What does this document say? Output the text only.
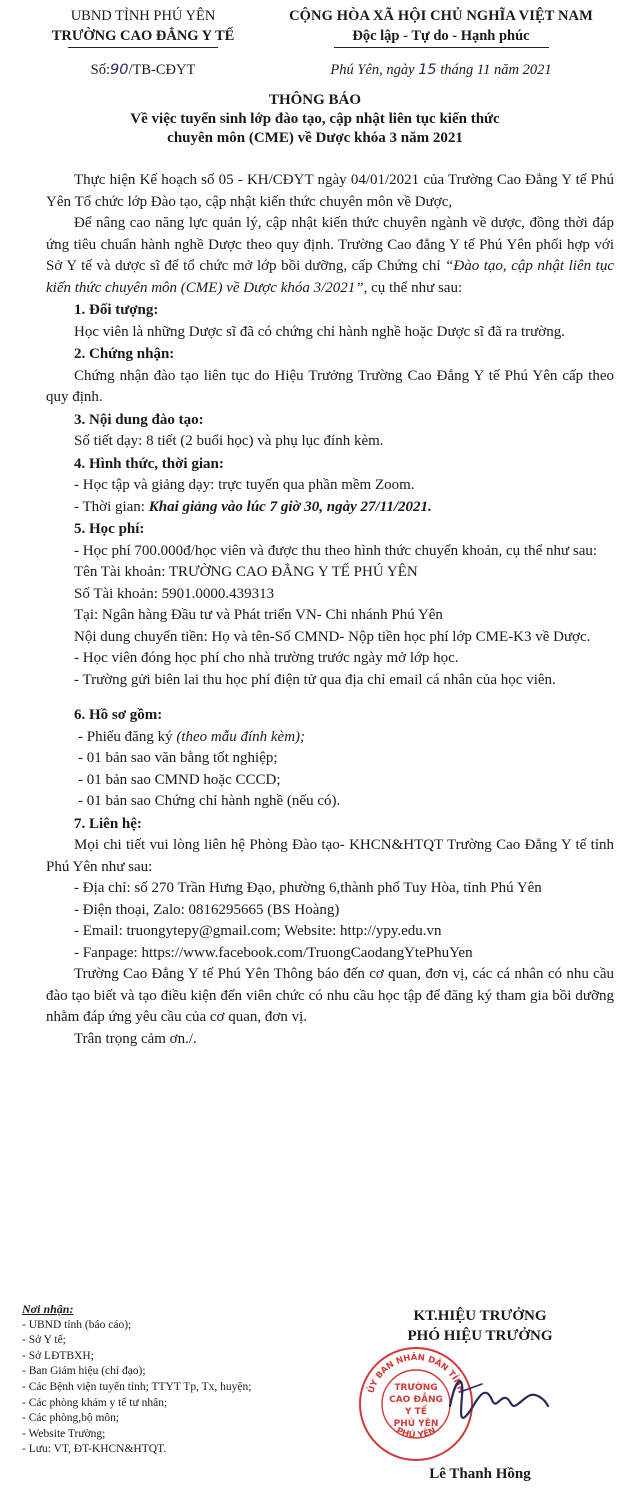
UBND TỈNH PHÚ YÊN
TRƯỜNG CAO ĐẲNG Y TẾ
Số:90/TB-CĐYT
CỘNG HÒA XÃ HỘI CHỦ NGHĨA VIỆT NAM
Độc lập - Tự do - Hạnh phúc
Phú Yên, ngày 15 tháng 11 năm 2021
THÔNG BÁO
Về việc tuyển sinh lớp đào tạo, cập nhật liên tục kiến thức
chuyên môn (CME) về Dược khóa 3 năm 2021

Thực hiện Kế hoạch số 05 - KH/CĐYT ngày 04/01/2021 của Trường Cao Đẳng Y tế Phú Yên Tổ chức lớp Đào tạo, cập nhật kiến thức chuyên môn về Dược,

Để nâng cao năng lực quản lý, cập nhật kiến thức chuyên ngành về dược, đồng thời đáp ứng tiêu chuẩn hành nghề Dược theo quy định. Trường Cao đẳng Y tế Phú Yên phối hợp với Sở Y tế và dược sĩ để tổ chức mở lớp bồi dưỡng, cấp Chứng chỉ “Đào tạo, cập nhật liên tục kiến thức chuyên môn (CME) về Dược khóa 3/2021”, cụ thể như sau:

1. Đối tượng:

Học viên là những Dược sĩ đã có chứng chỉ hành nghề hoặc Dược sĩ đã ra trường.

2. Chứng nhận:

Chứng nhận đào tạo liên tục do Hiệu Trưởng Trường Cao Đẳng Y tế Phú Yên cấp theo quy định.

3. Nội dung đào tạo:

Số tiết dạy: 8 tiết (2 buổi học) và phụ lục đính kèm.

4. Hình thức, thời gian:

- Học tập và giảng dạy: trực tuyến qua phần mềm Zoom.

- Thời gian: Khai giảng vào lúc 7 giờ 30, ngày 27/11/2021.

5. Học phí:

- Học phí 700.000đ/học viên và được thu theo hình thức chuyển khoản, cụ thể như sau:

Tên Tài khoản: TRƯỜNG CAO ĐẲNG Y TẾ PHÚ YÊN

Số Tài khoản: 5901.0000.439313

Tại: Ngân hàng Đầu tư và Phát triển VN- Chi nhánh Phú Yên

Nội dung chuyển tiền: Họ và tên-Số CMND- Nộp tiền học phí lớp CME-K3 về Dược.

- Học viên đóng học phí cho nhà trường trước ngày mở lớp học.

- Trường gửi biên lai thu học phí điện tử qua địa chỉ email cá nhân của học viên.

6. Hồ sơ gồm:

- Phiếu đăng ký (theo mẫu đính kèm);

- 01 bản sao văn bằng tốt nghiệp;

- 01 bản sao CMND hoặc CCCD;

- 01 bản sao Chứng chỉ hành nghề (nếu có).

7. Liên hệ:

Mọi chi tiết vui lòng liên hệ Phòng Đào tạo- KHCN&HTQT Trường Cao Đẳng Y tế tỉnh Phú Yên như sau:

- Địa chỉ: số 270 Trần Hưng Đạo, phường 6,thành phố Tuy Hòa, tỉnh Phú Yên

- Điện thoại, Zalo: 0816295665 (BS Hoàng)

- Email: truongytepy@gmail.com; Website: http://ypy.edu.vn

- Fanpage: https://www.facebook.com/TruongCaodangYtePhuYen

Trường Cao Đẳng Y tế Phú Yên Thông báo đến cơ quan, đơn vị, các cá nhân có nhu cầu đào tạo biết và tạo điều kiện đến viên chức có nhu cầu học tập để đăng ký tham gia bồi dưỡng nhằm đáp ứng yêu cầu của cơ quan, đơn vị.

Trân trọng cảm ơn./.

Nơi nhận:
- UBND tỉnh (báo cáo);
- Sở Y tế;
- Sở LĐTBXH;
- Ban Giám hiệu (chỉ đạo);
- Các Bệnh viện tuyến tỉnh; TTYT Tp, Tx, huyện;
- Các phòng khám y tế tư nhân;
- Các phòng,bộ môn;
- Website Trường;
- Lưu: VT, ĐT-KHCN&HTQT.
KT.HIỆU TRƯỞNG
PHÓ HIỆU TRƯỞNG
ỦY BAN NHÂN DÂN TỈNH
PHÚ YÊN
TRƯỜNG
CAO ĐẲNG
Y TẾ
PHÚ YÊN
Lê Thanh Hồng
